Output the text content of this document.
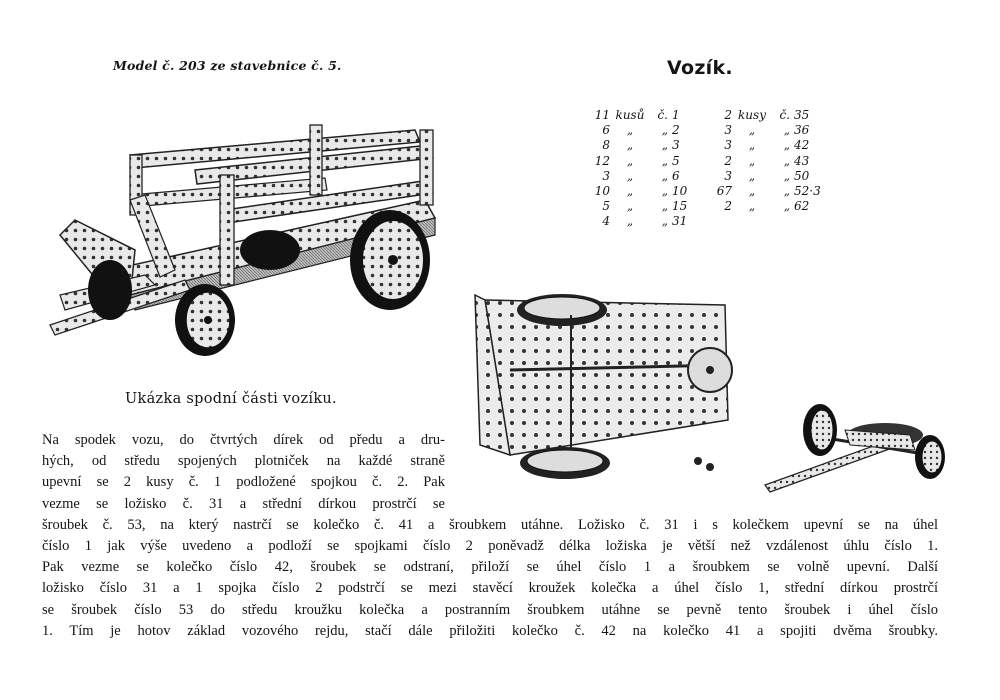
Model č. 203 ze stavebnice č. 5.	Vozík.
11 kusů	č. 1
6	„	„ 2
8	„	„ 3
12	„	„ 5
3	„	„ 6
10	„	„ 10
5	„	„ 15
4	„	„ 31
2 kusy	č. 35
3	„	„ 36
3	„	„ 42
2	„	„ 43
3	„	„ 50
67	„	„ 52·3
2	„	„ 62
Ukázka spodní části vozíku.
Na spodek vozu, do čtvrtých dírek od předu a dru-
hých, od středu spojených plotniček na každé straně
upevní se 2 kusy č. 1 podložené spojkou č. 2. Pak
vezme se ložisko č. 31 a střední dírkou prostrčí se
šroubek č. 53, na který nastrčí se kolečko č. 41 a šroubkem utáhne. Ložisko č. 31 i s kolečkem upevní se na úhel
číslo 1 jak výše uvedeno a podloží se spojkami číslo 2 poněvadž délka ložiska je větší než vzdálenost úhlu číslo 1.
Pak vezme se kolečko číslo 42, šroubek se odstraní, přiloží se úhel číslo 1 a šroubkem se volně upevní. Další
ložisko číslo 31 a 1 spojka číslo 2 podstrčí se mezi stavěcí kroužek kolečka a úhel číslo 1, střední dírkou prostrčí
se šroubek číslo 53 do středu kroužku kolečka a postranním šroubkem utáhne se pevně tento šroubek i úhel číslo
1. Tím je hotov základ vozového rejdu, stačí dále přiložiti kolečko č. 42 na kolečko 41 a spojiti dvěma šroubky.
